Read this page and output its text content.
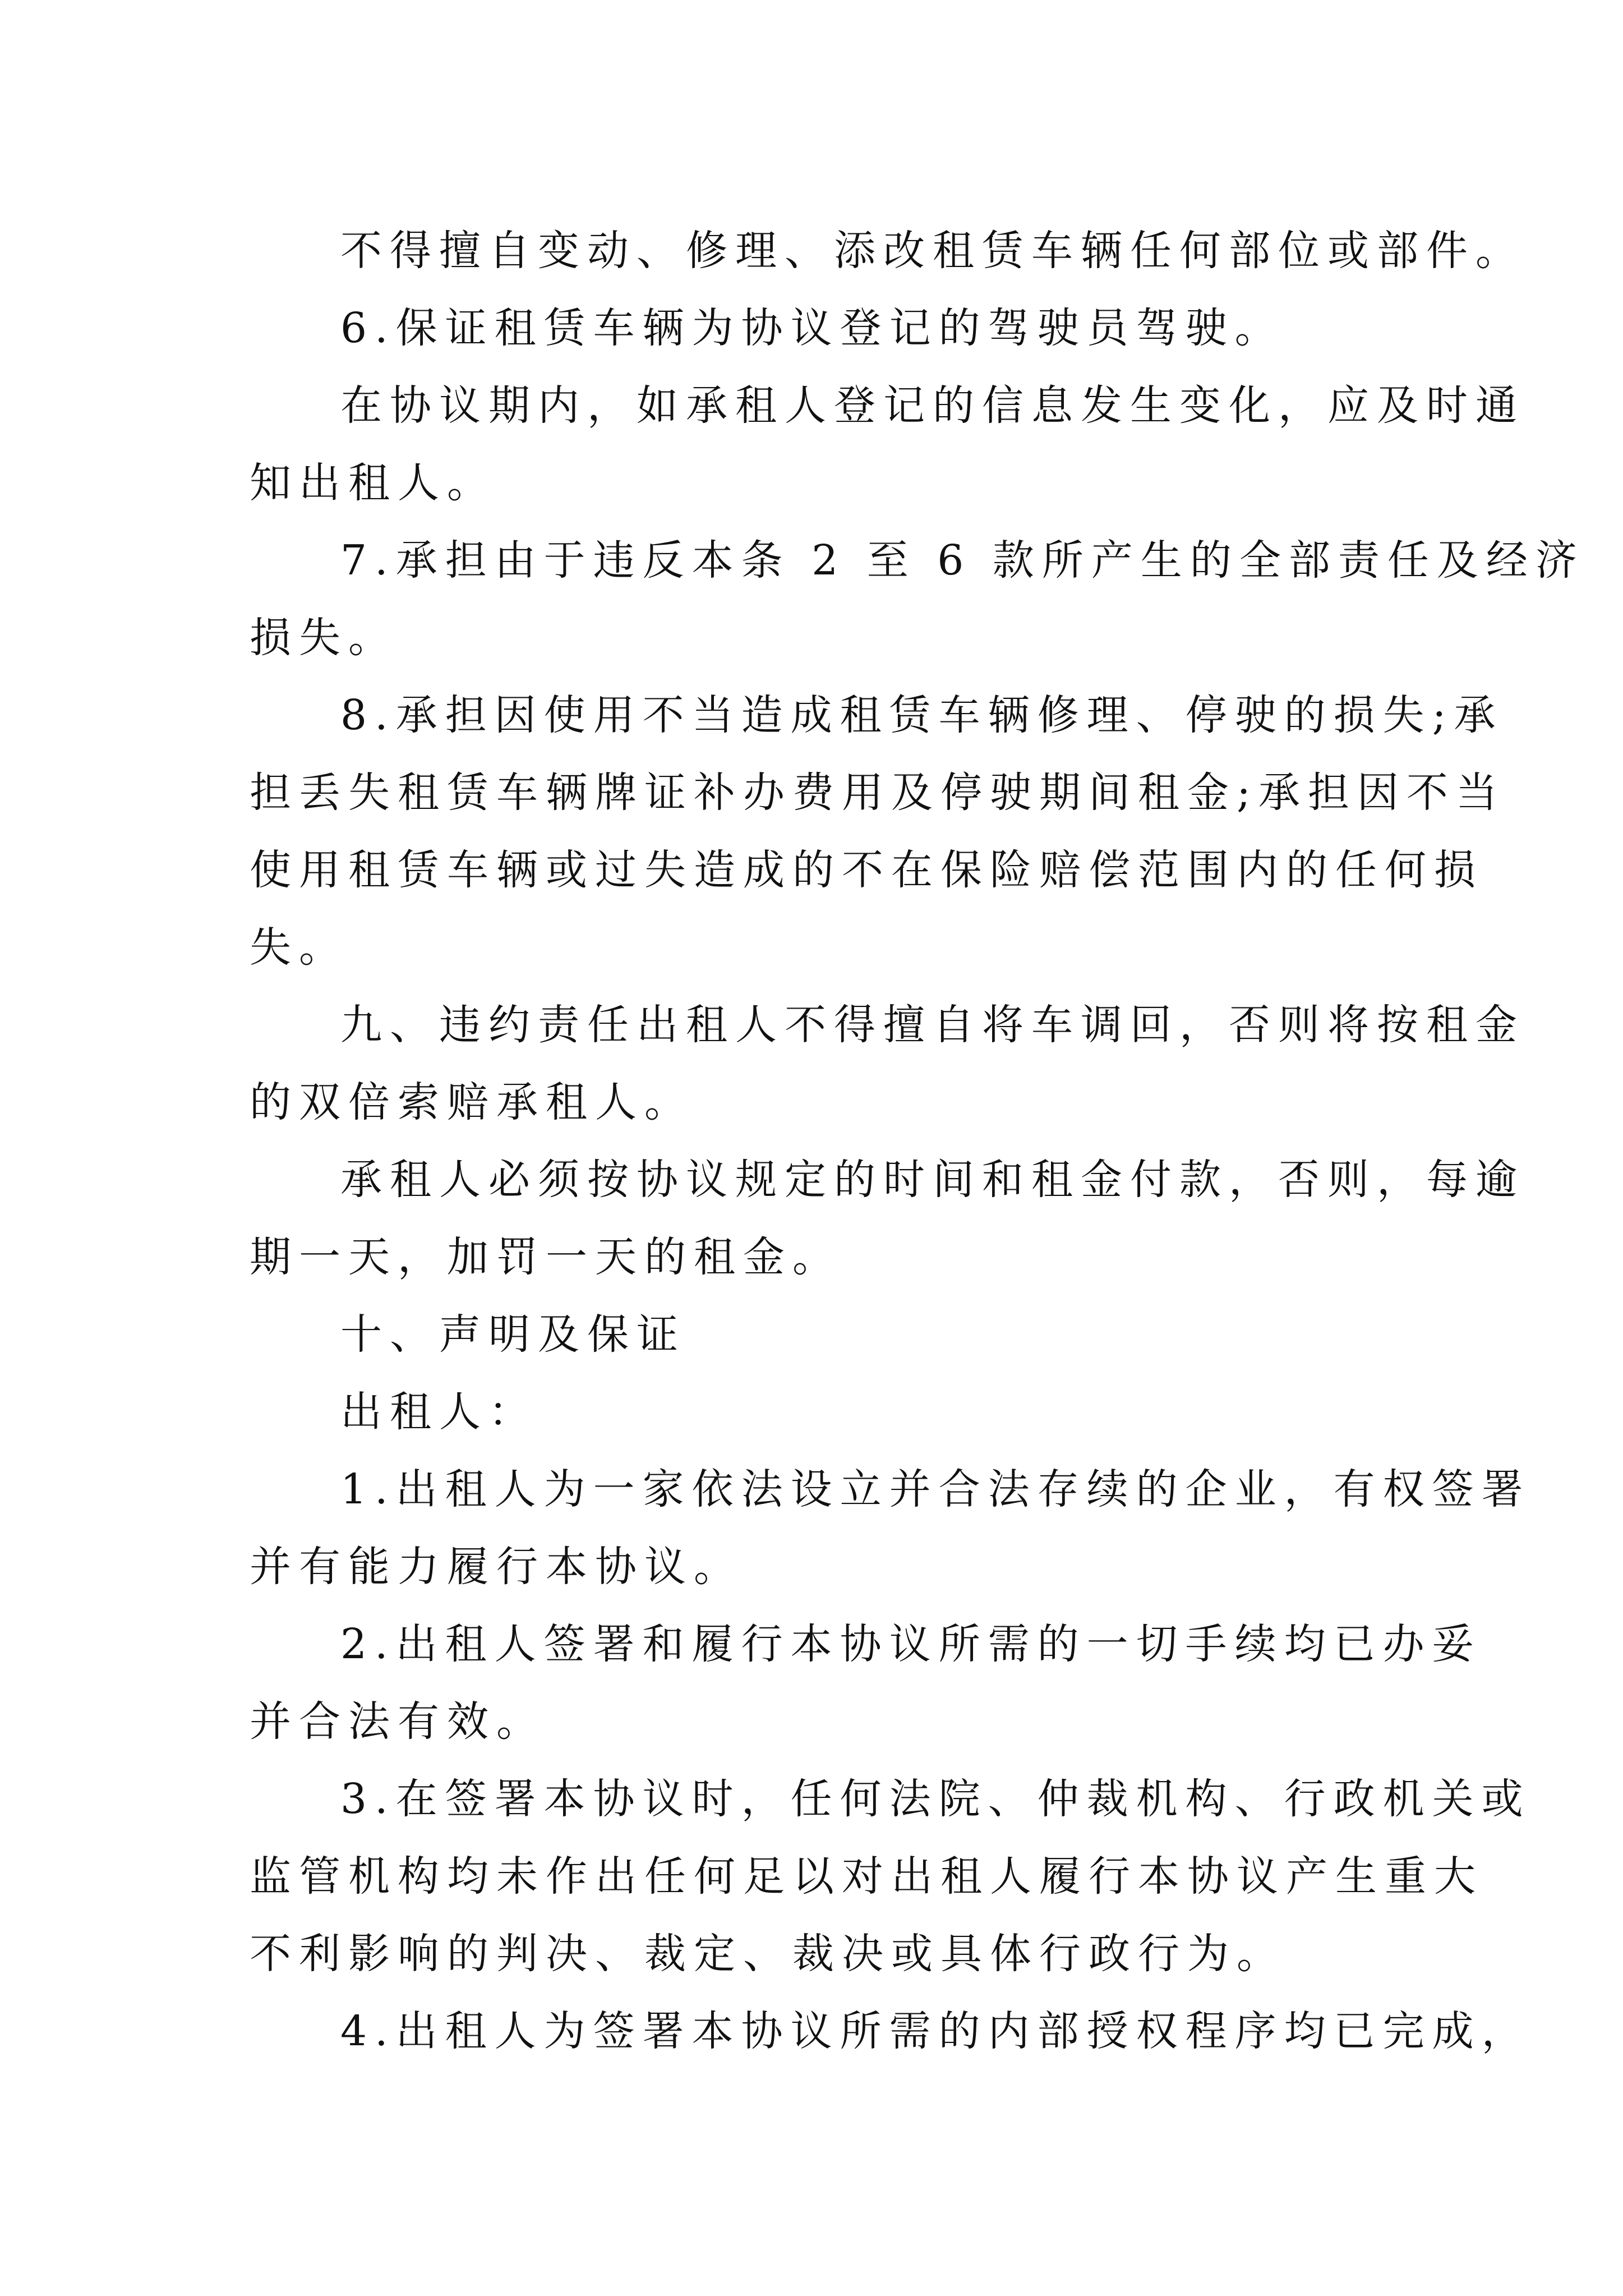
不得擅自变动、修理、添改租赁车辆任何部位或部件。
6.保证租赁车辆为协议登记的驾驶员驾驶。
在协议期内，如承租人登记的信息发生变化，应及时通
知出租人。
7.承担由于违反本条 2 至 6 款所产生的全部责任及经济
损失。
8.承担因使用不当造成租赁车辆修理、停驶的损失;承
担丢失租赁车辆牌证补办费用及停驶期间租金;承担因不当
使用租赁车辆或过失造成的不在保险赔偿范围内的任何损
失。
九、违约责任出租人不得擅自将车调回，否则将按租金
的双倍索赔承租人。
承租人必须按协议规定的时间和租金付款，否则，每逾
期一天，加罚一天的租金。
十、声明及保证
出租人：
1.出租人为一家依法设立并合法存续的企业，有权签署
并有能力履行本协议。
2.出租人签署和履行本协议所需的一切手续均已办妥
并合法有效。
3.在签署本协议时，任何法院、仲裁机构、行政机关或
监管机构均未作出任何足以对出租人履行本协议产生重大
不利影响的判决、裁定、裁决或具体行政行为。
4.出租人为签署本协议所需的内部授权程序均已完成，
